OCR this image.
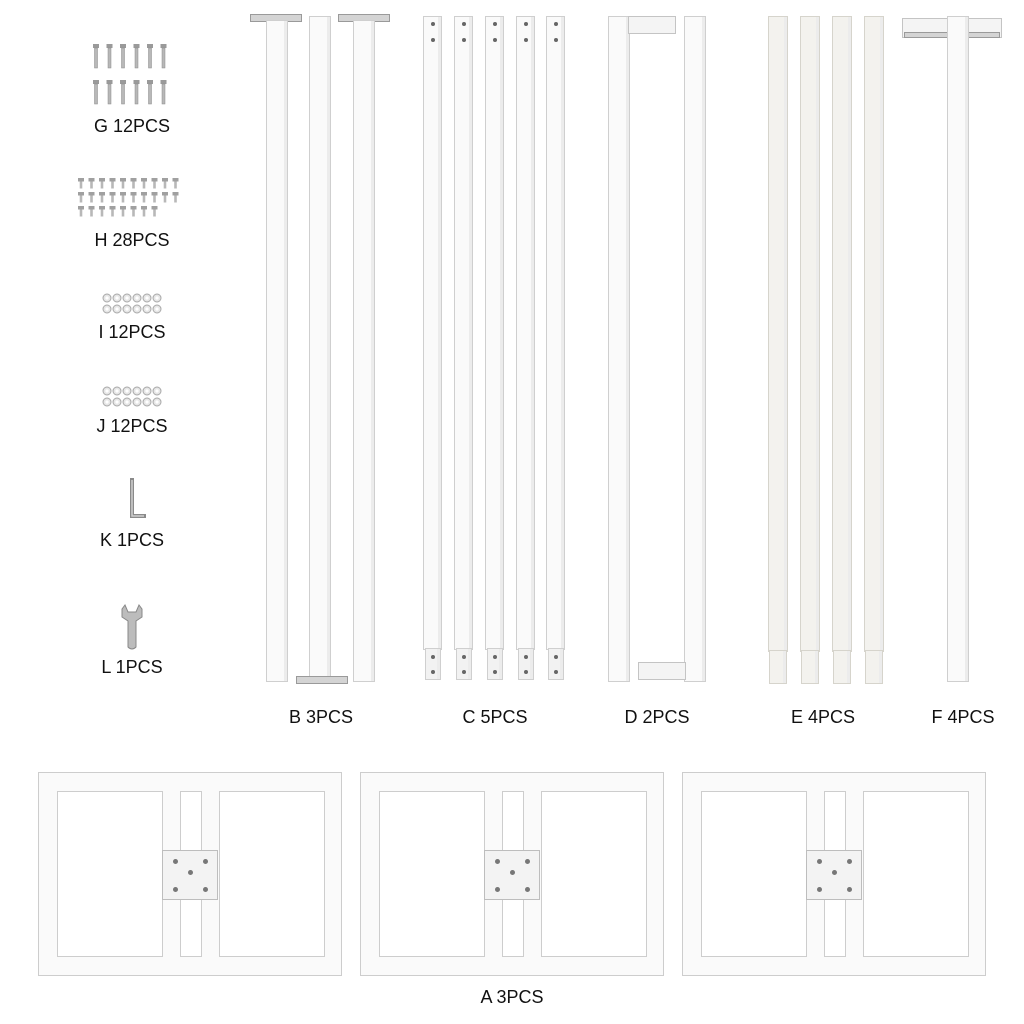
G 12PCS
H 28PCS
I 12PCS
J 12PCS
K 1PCS
L 1PCS
B 3PCS	C 5PCS	D 2PCS	E 4PCS	F 4PCS
A 3PCS
